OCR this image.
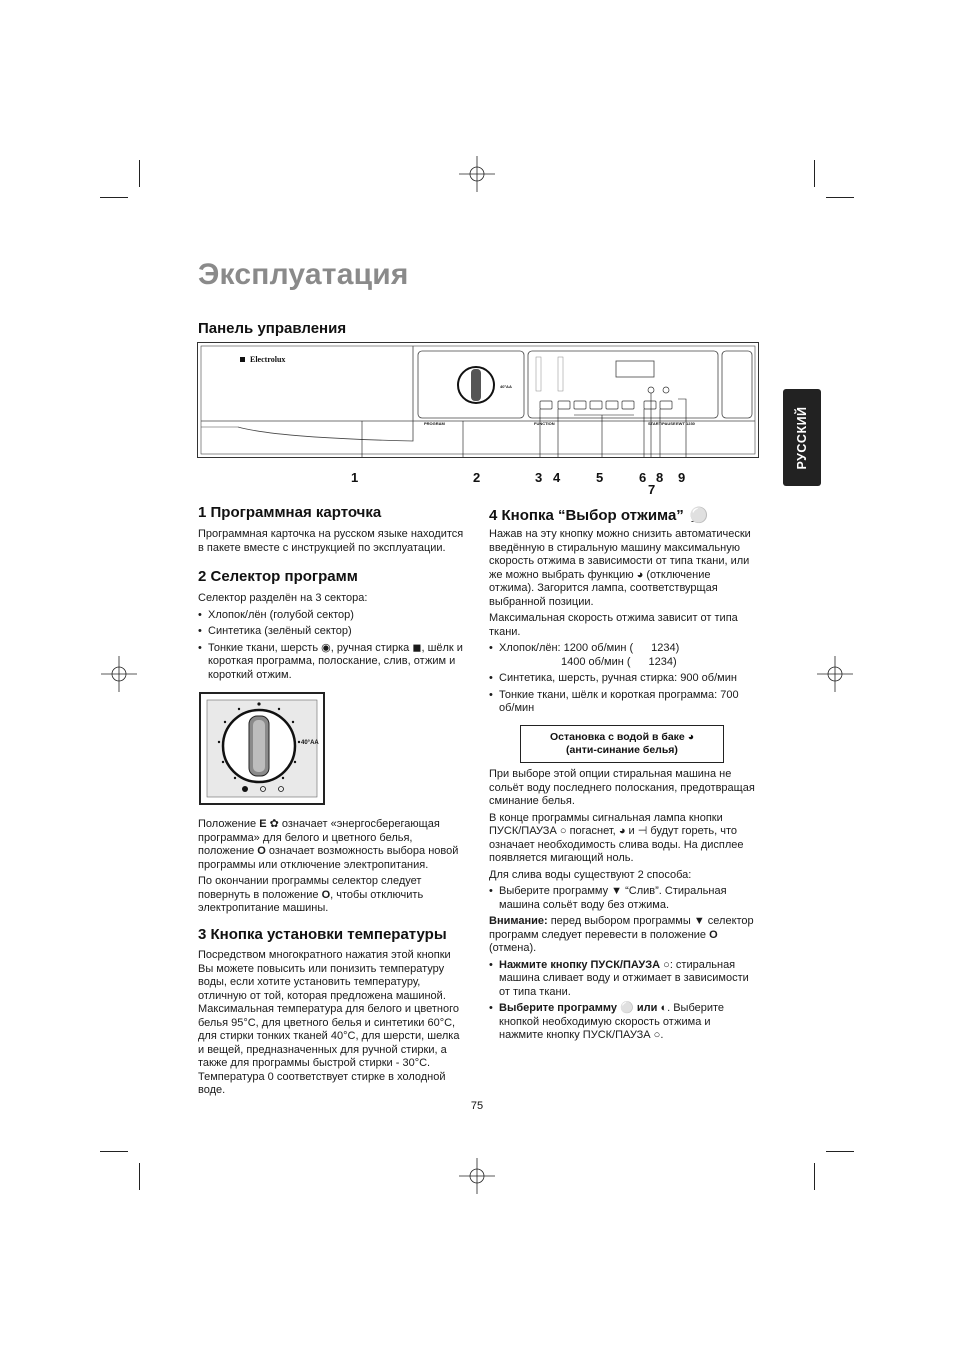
Эксплуатация
Панель управления
РУССКИЙ
Electrolux
PROGRAM	FUNCTION	START/PAUSE EWT 1230
40°AA
1	2	3 4	5	6 8 9
7
1 Программная карточка

Программная карточка на русском языке находится в пакете вместе с инструкцией по эксплуатации.

2 Селектор программ

Селектор разделён на 3 сектора:

• Хлопок/лён (голубой сектор)
• Синтетика (зелёный сектор)
• Тонкие ткани, шерсть ◉, ручная стирка ◼, шёлк и короткая программа, полоскание, слив, отжим и короткий отжим.
40°AA

Положение E ✿ означает «энергосберегающая программа» для белого и цветного белья, положение O означает возможность выбора новой программы или отключение электропитания.

По окончании программы селектор следует повернуть в положение O, чтобы отключить электропитание машины.

3 Кнопка установки температуры

Посредством многократного нажатия этой кнопки Вы можете повысить или понизить температуру воды, если хотите установить температуру, отличную от той, которая предложена машиной. Максимальная температура для белого и цветного белья 95°С, для цветного белья и синтетики 60°С, для стирки тонких тканей 40°С, для шерсти, шелка и вещей, предназначенных для ручной стирки, а также для программы быстрой стирки - 30°С. Температура 0 соответствует стирке в холодной воде.

4 Кнопка “Выбор отжима” ِ⚪

Нажав на эту кнопку можно снизить автоматически введённую в стиральную машину максимальную скорость отжима в зависимости от типа ткани, или же можно выбрать функцию ◕ (отключение отжима). Загорится лампа, соответствурщая выбранной позиции.

Максимальная скорость отжима зависит от типа ткани.

• Хлопок/лён: 1200 об/мин ( 1234)
1400 об/мин ( 1234)
• Синтетика, шерсть, ручная стирка: 900 об/мин
• Тонкие ткани, шёлк и короткая программа: 700 об/мин
Остановка с водой в баке ◕
(анти-синание белья)

При выборе этой опции стиральная машина не сольёт воду последнего полоскания, предотвращая сминание белья.

В конце программы сигнальная лампа кнопки ПУСК/ПАУЗА ○ погаснет, ◕ и ⊣ будут гореть, что означает необходимость слива воды. На дисплее появляется мигающий ноль.

Для слива воды существуют 2 способа:

• Выберите программу ▼ “Слив”. Стиральная машина сольёт воду без отжима.

Внимание: перед выбором программы ▼ селектор программ следует перевести в положение O (отмена).

• Нажмите кнопку ПУСК/ПАУЗА ○: стиральная машина сливает воду и отжимает в зависимости от типа ткани.
• Выберите программу ⚪ или ◐. Выберите кнопкой необходимую скорость отжима и нажмите кнопку ПУСК/ПАУЗА ○.
75
